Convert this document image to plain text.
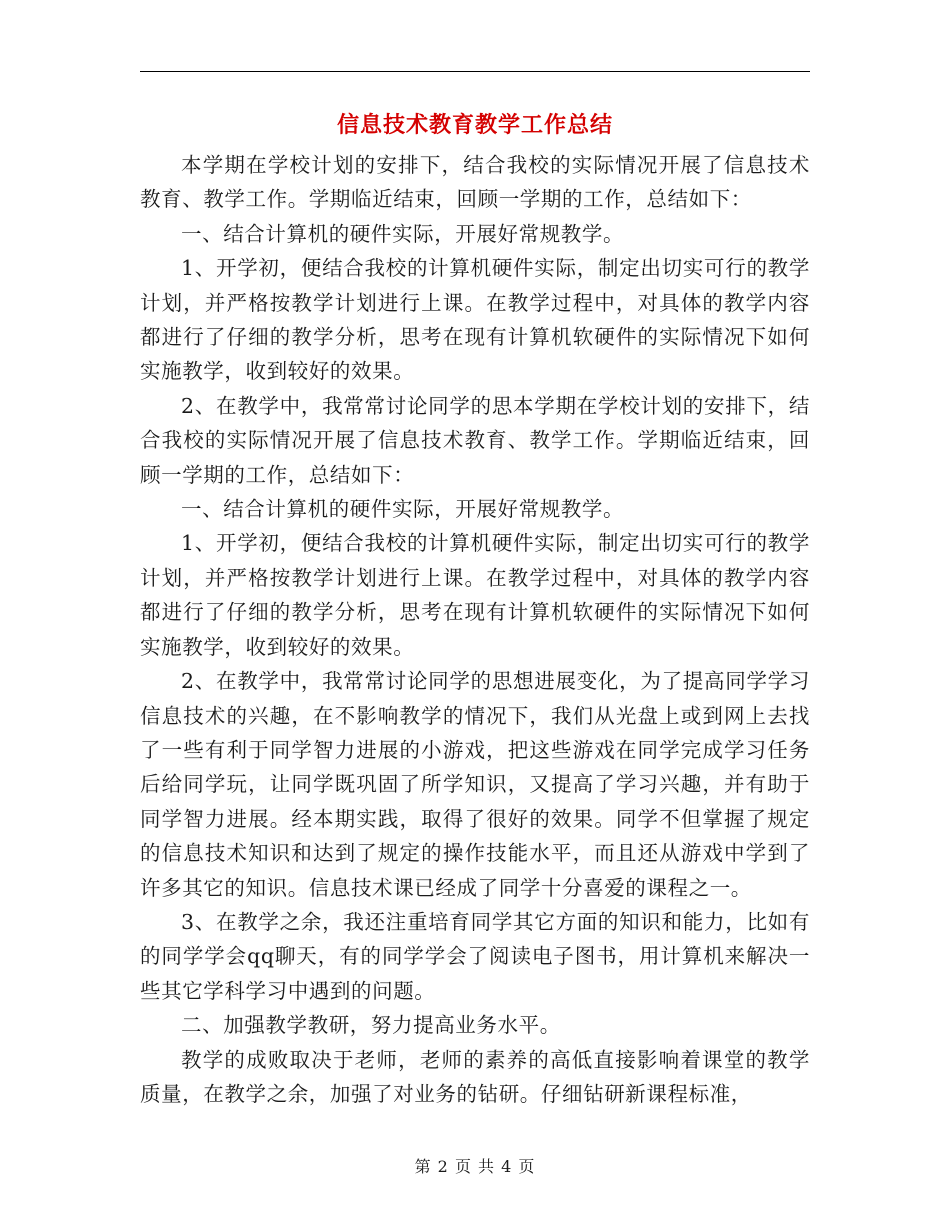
信息技术教育教学工作总结

本学期在学校计划的安排下，结合我校的实际情况开展了信息技术教育、教学工作。学期临近结束，回顾一学期的工作，总结如下：

一、结合计算机的硬件实际，开展好常规教学。

1、开学初，便结合我校的计算机硬件实际，制定出切实可行的教学计划，并严格按教学计划进行上课。在教学过程中，对具体的教学内容都进行了仔细的教学分析，思考在现有计算机软硬件的实际情况下如何实施教学，收到较好的效果。

2、在教学中，我常常讨论同学的思本学期在学校计划的安排下，结合我校的实际情况开展了信息技术教育、教学工作。学期临近结束，回顾一学期的工作，总结如下：

一、结合计算机的硬件实际，开展好常规教学。

1、开学初，便结合我校的计算机硬件实际，制定出切实可行的教学计划，并严格按教学计划进行上课。在教学过程中，对具体的教学内容都进行了仔细的教学分析，思考在现有计算机软硬件的实际情况下如何实施教学，收到较好的效果。

2、在教学中，我常常讨论同学的思想进展变化，为了提高同学学习信息技术的兴趣，在不影响教学的情况下，我们从光盘上或到网上去找了一些有利于同学智力进展的小游戏，把这些游戏在同学完成学习任务后给同学玩，让同学既巩固了所学知识，又提高了学习兴趣，并有助于同学智力进展。经本期实践，取得了很好的效果。同学不但掌握了规定的信息技术知识和达到了规定的操作技能水平，而且还从游戏中学到了许多其它的知识。信息技术课已经成了同学十分喜爱的课程之一。

3、在教学之余，我还注重培育同学其它方面的知识和能力，比如有的同学学会qq聊天，有的同学学会了阅读电子图书，用计算机来解决一些其它学科学习中遇到的问题。

二、加强教学教研，努力提高业务水平。

教学的成败取决于老师，老师的素养的高低直接影响着课堂的教学质量，在教学之余，加强了对业务的钻研。仔细钻研新课程标准，

第 2 页 共 4 页
